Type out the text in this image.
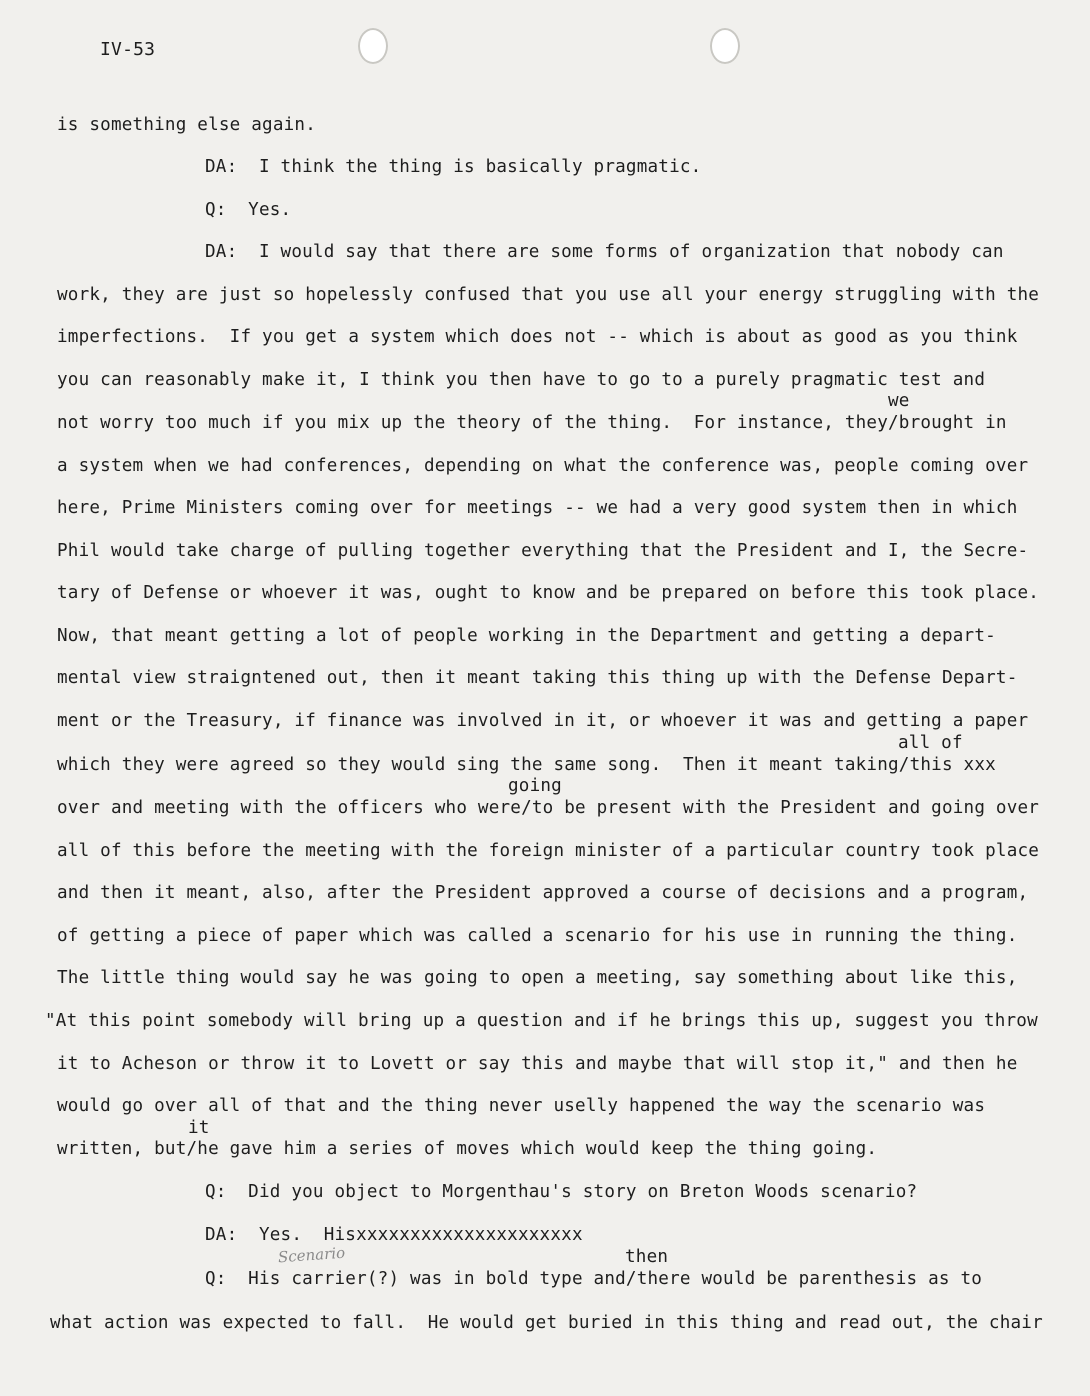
IV-53
is something else again.
DA:  I think the thing is basically pragmatic.
Q:  Yes.
DA:  I would say that there are some forms of organization that nobody can
work, they are just so hopelessly confused that you use all your energy struggling with the
imperfections.  If you get a system which does not -- which is about as good as you think
you can reasonably make it, I think you then have to go to a purely pragmatic test and
we
not worry too much if you mix up the theory of the thing.  For instance, they/brought in
a system when we had conferences, depending on what the conference was, people coming over
here, Prime Ministers coming over for meetings -- we had a very good system then in which
Phil would take charge of pulling together everything that the President and I, the Secre-
tary of Defense or whoever it was, ought to know and be prepared on before this took place.
Now, that meant getting a lot of people working in the Department and getting a depart-
mental view straigntened out, then it meant taking this thing up with the Defense Depart-
ment or the Treasury, if finance was involved in it, or whoever it was and getting a paper
all of
which they were agreed so they would sing the same song.  Then it meant taking/this xxx
going
over and meeting with the officers who were/to be present with the President and going over
all of this before the meeting with the foreign minister of a particular country took place
and then it meant, also, after the President approved a course of decisions and a program,
of getting a piece of paper which was called a scenario for his use in running the thing.
The little thing would say he was going to open a meeting, say something about like this,
"At this point somebody will bring up a question and if he brings this up, suggest you throw
it to Acheson or throw it to Lovett or say this and maybe that will stop it," and then he
would go over all of that and the thing never uselly happened the way the scenario was
it
written, but/he gave him a series of moves which would keep the thing going.
Q:  Did you object to Morgenthau's story on Breton Woods scenario?
DA:  Yes.  Hisxxxxxxxxxxxxxxxxxxxxx
Scenario	then
Q:  His carrier(?) was in bold type and/there would be parenthesis as to
what action was expected to fall.  He would get buried in this thing and read out, the chair
